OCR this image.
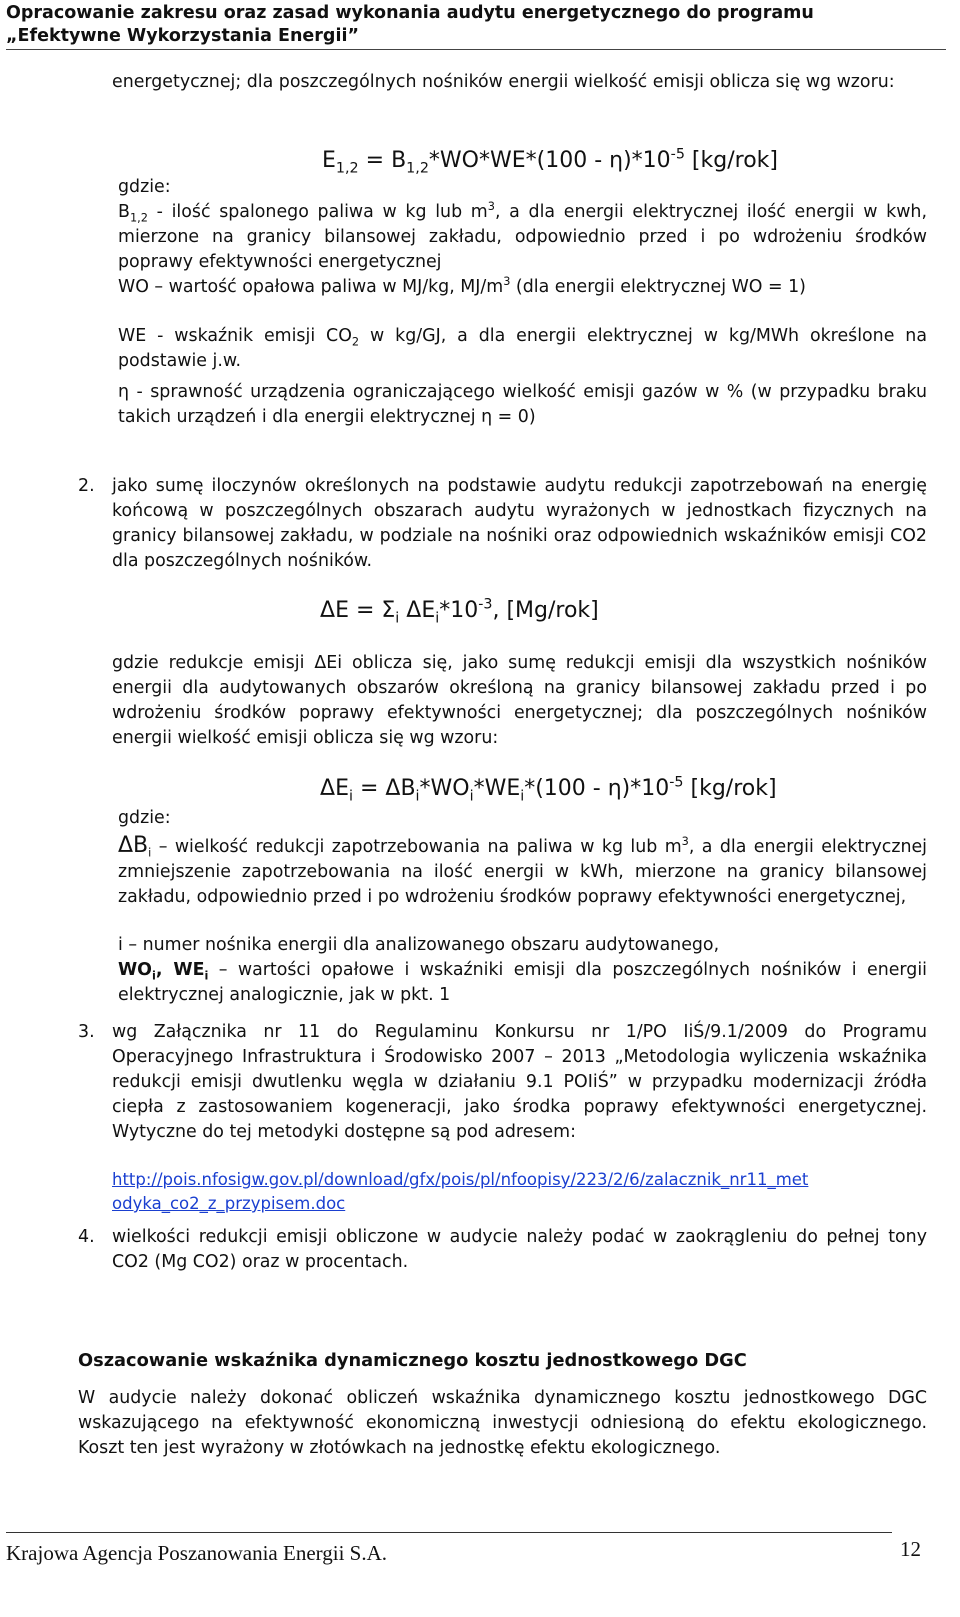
Opracowanie zakresu oraz zasad wykonania audytu energetycznego do programu
„Efektywne Wykorzystania Energii”
energetycznej; dla poszczególnych nośników energii wielkość emisji oblicza się wg wzoru:
$E_{1,2} = B_{1,2}*WO*WE*(100 - \eta)*10^{-5}$ [kg/rok]
gdzie:
$B_{1,2}$ - ilość spalonego paliwa w kg lub $m^3$, a dla energii elektrycznej ilość energii w kwh, mierzone na granicy bilansowej zakładu, odpowiednio przed i po wdrożeniu środków poprawy efektywności energetycznej
WO – wartość opałowa paliwa w MJ/kg, $MJ/m^3$ (dla energii elektrycznej WO = 1)
WE - wskaźnik emisji $CO_2$ w kg/GJ, a dla energii elektrycznej w kg/MWh określone na podstawie j.w.
η - sprawność urządzenia ograniczającego wielkość emisji gazów w % (w przypadku braku takich urządzeń i dla energii elektrycznej η = 0)
2. jako sumę iloczynów określonych na podstawie audytu redukcji zapotrzebowań na energię końcową w poszczególnych obszarach audytu wyrażonych w jednostkach fizycznych na granicy bilansowej zakładu, w podziale na nośniki oraz odpowiednich wskaźników emisji CO2 dla poszczególnych nośników.
$\Delta E = \Sigma_i$ $\Delta E_i*10^{-3}$, [Mg/rok]
gdzie redukcje emisji ΔEi oblicza się, jako sumę redukcji emisji dla wszystkich nośników energii dla audytowanych obszarów określoną na granicy bilansowej zakładu przed i po wdrożeniu środków poprawy efektywności energetycznej; dla poszczególnych nośników energii wielkość emisji oblicza się wg wzoru:
$\Delta E_i = \Delta B_i*WO_i*WE_i*(100 - \eta)*10^{-5}$ [kg/rok]
gdzie:
$\Delta B_i$ – wielkość redukcji zapotrzebowania na paliwa w kg lub $m^3$, a dla energii elektrycznej zmniejszenie zapotrzebowania na ilość energii w kWh, mierzone na granicy bilansowej zakładu, odpowiednio przed i po wdrożeniu środków poprawy efektywności energetycznej,
i – numer nośnika energii dla analizowanego obszaru audytowanego,
$WO_i$, $WE_i$ – wartości opałowe i wskaźniki emisji dla poszczególnych nośników i energii elektrycznej analogicznie, jak w pkt. 1
3. wg Załącznika nr 11 do Regulaminu Konkursu nr 1/PO IiŚ/9.1/2009 do Programu Operacyjnego Infrastruktura i Środowisko 2007 – 2013 „Metodologia wyliczenia wskaźnika redukcji emisji dwutlenku węgla w działaniu 9.1 POIiŚ” w przypadku modernizacji źródła ciepła z zastosowaniem kogeneracji, jako środka poprawy efektywności energetycznej. Wytyczne do tej metodyki dostępne są pod adresem:
http://pois.nfosigw.gov.pl/download/gfx/pois/pl/nfoopisy/223/2/6/zalacznik_nr11_met
odyka_co2_z_przypisem.doc
4. wielkości redukcji emisji obliczone w audycie należy podać w zaokrągleniu do pełnej tony CO2 (Mg CO2) oraz w procentach.
Oszacowanie wskaźnika dynamicznego kosztu jednostkowego DGC
W audycie należy dokonać obliczeń wskaźnika dynamicznego kosztu jednostkowego DGC wskazującego na efektywność ekonomiczną inwestycji odniesioną do efektu ekologicznego. Koszt ten jest wyrażony w złotówkach na jednostkę efektu ekologicznego.
Krajowa Agencja Poszanowania Energii S.A.	12
